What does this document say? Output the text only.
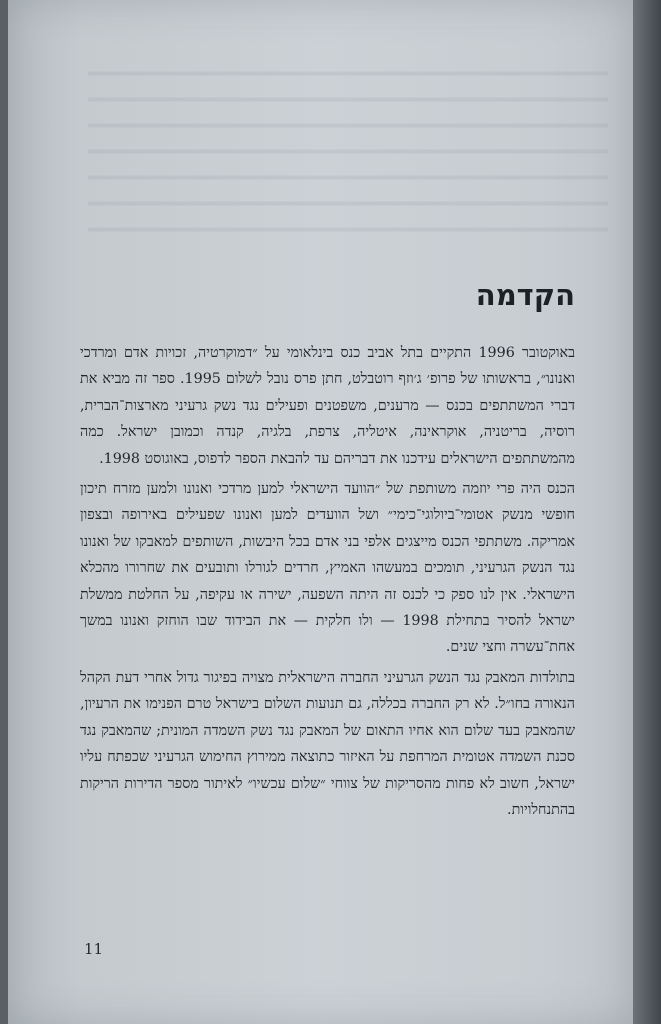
הקדמה

באוקטובר 1996 התקיים בתל אביב כנס בינלאומי על ״דמוקרטיה, זכויות אדם ומרדכי ואנונו״, בראשותו של פרופ׳ ג׳וזף רוטבלט, חתן פרס נובל לשלום 1995. ספר זה מביא את דברי המשתתפים בכנס — מרענים, משפטנים ופעילים נגד נשק גרעיני מארצות־הברית, רוסיה, בריטניה, אוקראינה, איטליה, צרפת, בלגיה, קנדה וכמובן ישראל. כמה מהמשתתפים הישראלים עידכנו את דבריהם עד להבאת הספר לדפוס, באוגוסט 1998.

הכנס היה פרי יוזמה משותפת של ״הוועד הישראלי למען מרדכי ואנונו ולמען מזרח תיכון חופשי מנשק אטומי־ביולוגי־כימי״ ושל הוועדים למען ואנונו שפעילים באירופה ובצפון אמריקה. משתתפי הכנס מייצגים אלפי בני אדם בכל היבשות, השותפים למאבקו של ואנונו נגד הנשק הגרעיני, תומכים במעשהו האמיץ, חרדים לגורלו ותובעים את שחרורו מהכלא הישראלי. אין לנו ספק כי לכנס זה היתה השפעה, ישירה או עקיפה, על החלטת ממשלת ישראל להסיר בתחילת 1998 — ולו חלקית — את הבידוד שבו הוחזק ואנונו במשך אחת־עשרה וחצי שנים.

בתולדות המאבק נגד הנשק הגרעיני החברה הישראלית מצויה בפיגור גדול אחרי דעת הקהל הנאורה בחו״ל. לא רק החברה בכללה, גם תנועות השלום בישראל טרם הפנימו את הרעיון, שהמאבק בעד שלום הוא אחיו התאום של המאבק נגד נשק השמדה המונית; שהמאבק נגד סכנת השמדה אטומית המרחפת על האיזור כתוצאה ממירוץ החימוש הגרעיני שכפתח עליו ישראל, חשוב לא פחות מהסריקות של צווחי ״שלום עכשיו״ לאיתור מספר הדירות הריקות בהתנחלויות.

11
